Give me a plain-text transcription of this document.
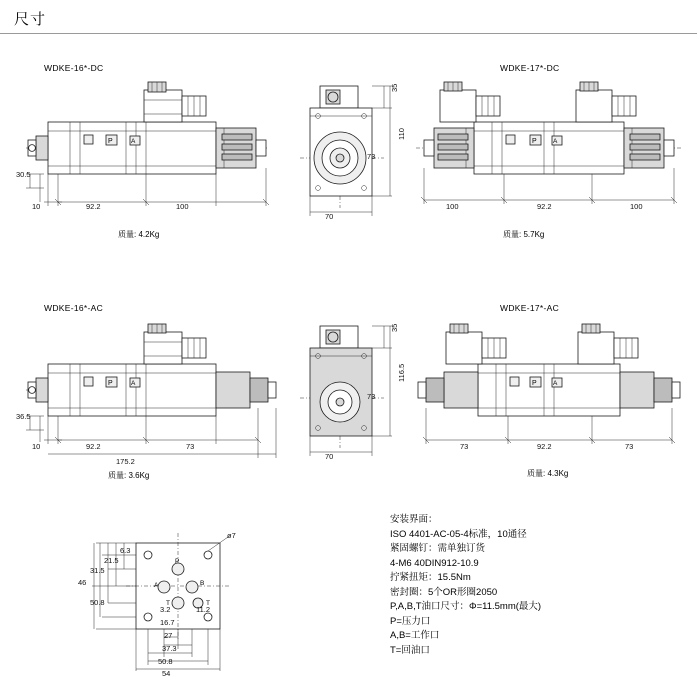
尺寸
WDKE-16*-DC
P	A
30.5
10	92.2	100
质量: 4.2Kg
WDKE-17*-DC
35
110
73
70
P	A
100	92.2	100
质量: 5.7Kg
WDKE-16*-AC
P	A
36.5
10	92.2	73
175.2
质量: 3.6Kg
WDKE-17*-AC
35
116.5
73
70
P	A
73	92.2	73
质量: 4.3Kg
P
A	B
T	T
ø7
6.3
21.5
31.5
46
50.8
3.2	11.2
16.7
27
37.3
50.8
54
安装界面：
ISO 4401-AC-05-4标准，10通径
紧固螺钉：需单独订货
4-M6 40DIN912-10.9
拧紧扭矩：15.5Nm
密封圈：5个OR形圈2050
P,A,B,T油口尺寸：Φ=11.5mm(最大)
P=压力口
A,B=工作口
T=回油口
